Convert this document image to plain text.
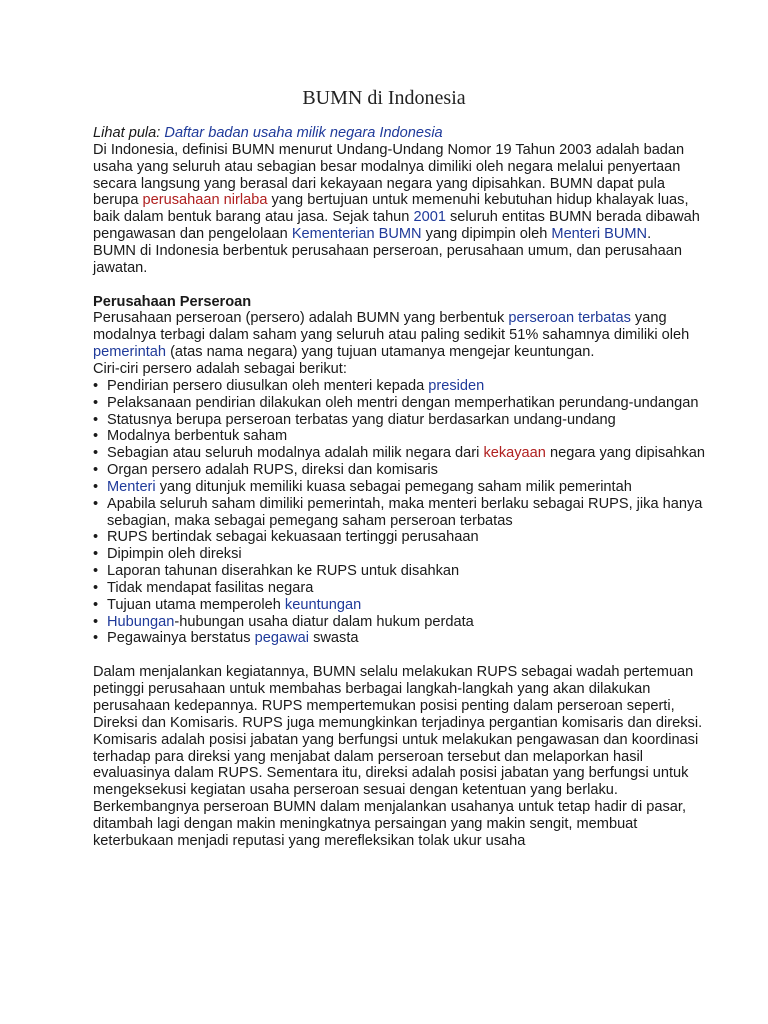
BUMN di Indonesia

Lihat pula: Daftar badan usaha milik negara Indonesia

Di Indonesia, definisi BUMN menurut Undang-Undang Nomor 19 Tahun 2003 adalah badan usaha yang seluruh atau sebagian besar modalnya dimiliki oleh negara melalui penyertaan secara langsung yang berasal dari kekayaan negara yang dipisahkan. BUMN dapat pula berupa perusahaan nirlaba yang bertujuan untuk memenuhi kebutuhan hidup khalayak luas, baik dalam bentuk barang atau jasa. Sejak tahun 2001 seluruh entitas BUMN berada dibawah pengawasan dan pengelolaan Kementerian BUMN yang dipimpin oleh Menteri BUMN.

BUMN di Indonesia berbentuk perusahaan perseroan, perusahaan umum, dan perusahaan jawatan.

Perusahaan Perseroan

Perusahaan perseroan (persero) adalah BUMN yang berbentuk perseroan terbatas yang modalnya terbagi dalam saham yang seluruh atau paling sedikit 51% sahamnya dimiliki oleh pemerintah (atas nama negara) yang tujuan utamanya mengejar keuntungan.

Ciri-ciri persero adalah sebagai berikut:

• Pendirian persero diusulkan oleh menteri kepada presiden
• Pelaksanaan pendirian dilakukan oleh mentri dengan memperhatikan perundang-undangan
• Statusnya berupa perseroan terbatas yang diatur berdasarkan undang-undang
• Modalnya berbentuk saham
• Sebagian atau seluruh modalnya adalah milik negara dari kekayaan negara yang dipisahkan
• Organ persero adalah RUPS, direksi dan komisaris
• Menteri yang ditunjuk memiliki kuasa sebagai pemegang saham milik pemerintah
• Apabila seluruh saham dimiliki pemerintah, maka menteri berlaku sebagai RUPS, jika hanya sebagian, maka sebagai pemegang saham perseroan terbatas
• RUPS bertindak sebagai kekuasaan tertinggi perusahaan
• Dipimpin oleh direksi
• Laporan tahunan diserahkan ke RUPS untuk disahkan
• Tidak mendapat fasilitas negara
• Tujuan utama memperoleh keuntungan
• Hubungan-hubungan usaha diatur dalam hukum perdata
• Pegawainya berstatus pegawai swasta

Dalam menjalankan kegiatannya, BUMN selalu melakukan RUPS sebagai wadah pertemuan petinggi perusahaan untuk membahas berbagai langkah-langkah yang akan dilakukan perusahaan kedepannya. RUPS mempertemukan posisi penting dalam perseroan seperti, Direksi dan Komisaris. RUPS juga memungkinkan terjadinya pergantian komisaris dan direksi. Komisaris adalah posisi jabatan yang berfungsi untuk melakukan pengawasan dan koordinasi terhadap para direksi yang menjabat dalam perseroan tersebut dan melaporkan hasil evaluasinya dalam RUPS. Sementara itu, direksi adalah posisi jabatan yang berfungsi untuk mengeksekusi kegiatan usaha perseroan sesuai dengan ketentuan yang berlaku.

Berkembangnya perseroan BUMN dalam menjalankan usahanya untuk tetap hadir di pasar, ditambah lagi dengan makin meningkatnya persaingan yang makin sengit, membuat keterbukaan menjadi reputasi yang merefleksikan tolak ukur usaha
